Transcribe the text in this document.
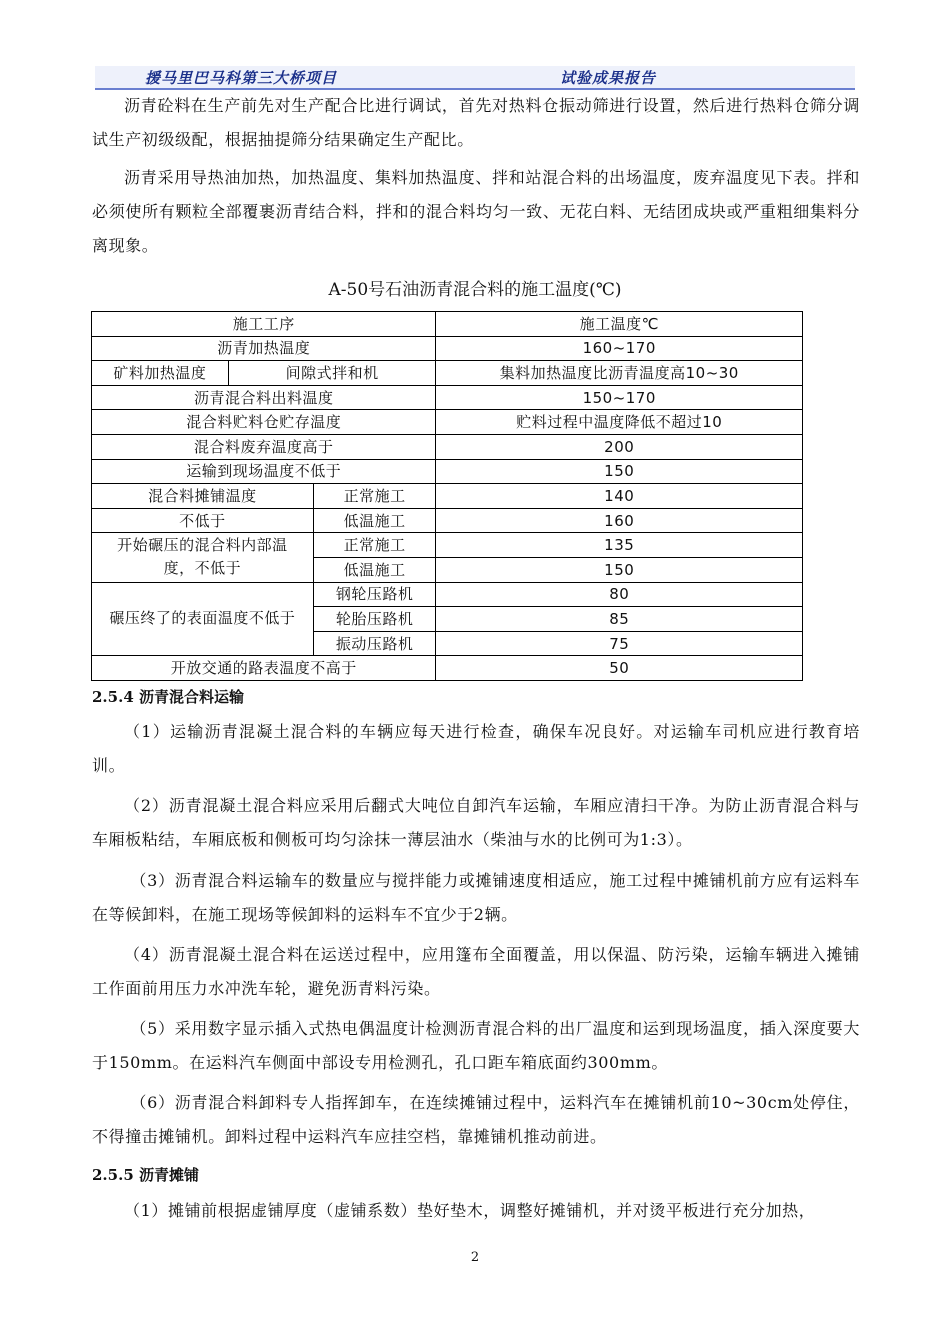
援马里巴马科第三大桥项目	试验成果报告
沥青砼料在生产前先对生产配合比进行调试，首先对热料仓振动筛进行设置，然后进行热料仓筛分调试生产初级级配，根据抽提筛分结果确定生产配比。
沥青采用导热油加热，加热温度、集料加热温度、拌和站混合料的出场温度，废弃温度见下表。拌和必须使所有颗粒全部覆裹沥青结合料，拌和的混合料均匀一致、无花白料、无结团成块或严重粗细集料分离现象。
A-50号石油沥青混合料的施工温度(℃)
施工工序			施工温度℃
沥青加热温度			160~170
矿料加热温度	间隙式拌和机		集料加热温度比沥青温度高10~30
沥青混合料出料温度			150~170
混合料贮料仓贮存温度			贮料过程中温度降低不超过10
混合料废弃温度高于			200
运输到现场温度不低于			150
混合料摊铺温度		正常施工	140
不低于		低温施工	160
开始碾压的混合料内部温度，不低于		正常施工	135
		低温施工	150
碾压终了的表面温度不低于		钢轮压路机	80
		轮胎压路机	85
		振动压路机	75
开放交通的路表温度不高于			50
2.5.4 沥青混合料运输
（1）运输沥青混凝土混合料的车辆应每天进行检查，确保车况良好。对运输车司机应进行教育培训。
（2）沥青混凝土混合料应采用后翻式大吨位自卸汽车运输，车厢应清扫干净。为防止沥青混合料与车厢板粘结，车厢底板和侧板可均匀涂抹一薄层油水（柴油与水的比例可为1:3）。
（3）沥青混合料运输车的数量应与搅拌能力或摊铺速度相适应，施工过程中摊铺机前方应有运料车在等候卸料，在施工现场等候卸料的运料车不宜少于2辆。
（4）沥青混凝土混合料在运送过程中，应用篷布全面覆盖，用以保温、防污染，运输车辆进入摊铺工作面前用压力水冲洗车轮，避免沥青料污染。
（5）采用数字显示插入式热电偶温度计检测沥青混合料的出厂温度和运到现场温度，插入深度要大于150mm。在运料汽车侧面中部设专用检测孔，孔口距车箱底面约300mm。
（6）沥青混合料卸料专人指挥卸车，在连续摊铺过程中，运料汽车在摊铺机前10~30cm处停住，不得撞击摊铺机。卸料过程中运料汽车应挂空档，靠摊铺机推动前进。
2.5.5 沥青摊铺
（1）摊铺前根据虚铺厚度（虚铺系数）垫好垫木，调整好摊铺机，并对烫平板进行充分加热，
2
